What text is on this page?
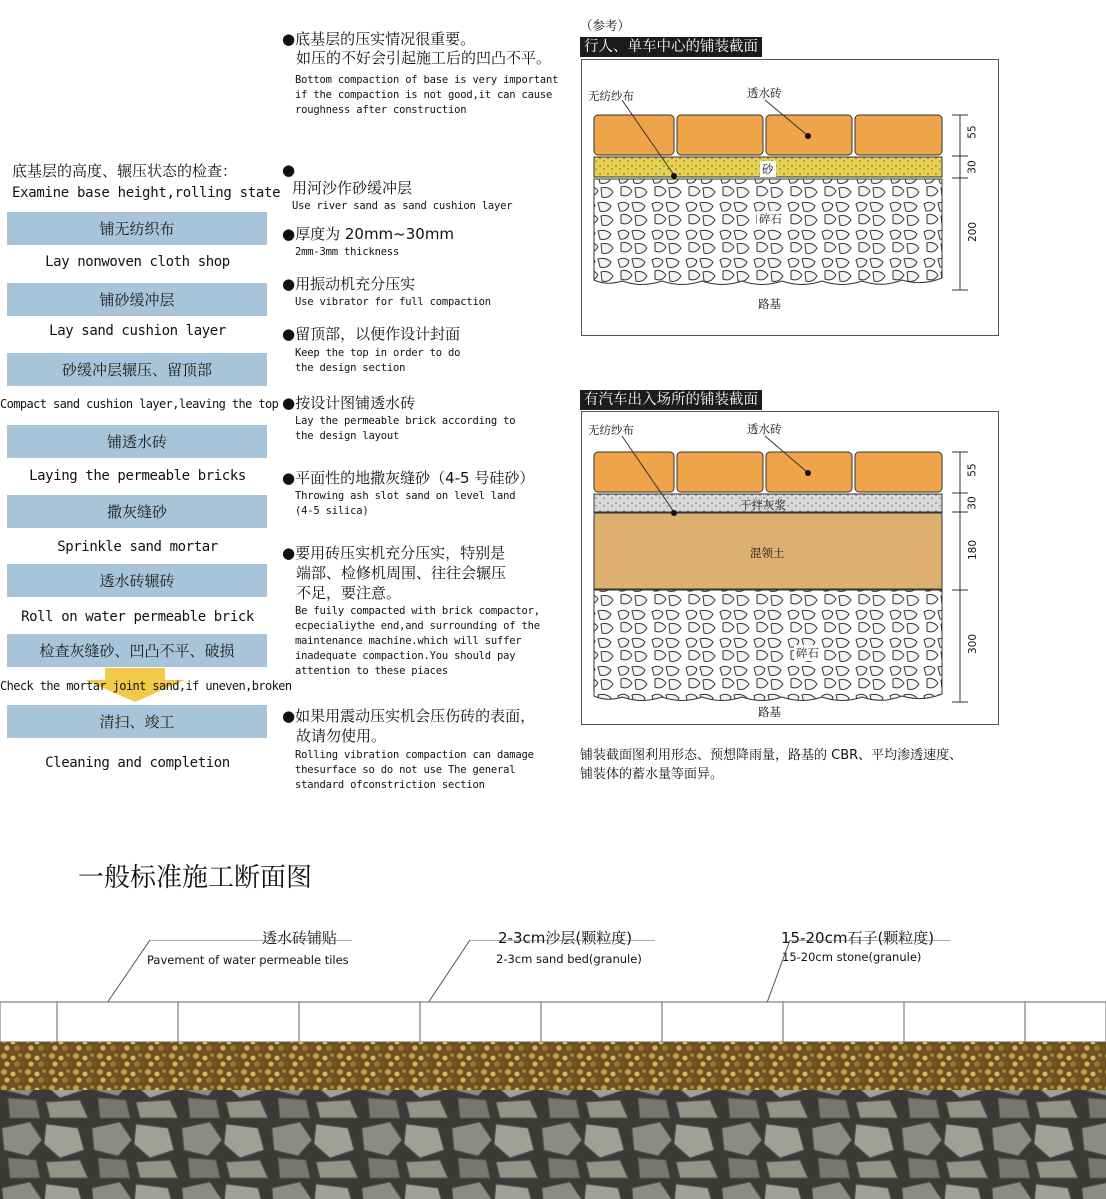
底基层的高度、辗压状态的检查：
Examine base height,rolling state
铺无纺织布
Lay nonwoven cloth shop
铺砂缓冲层
Lay sand cushion layer
砂缓冲层辗压、留顶部
Compact sand cushion layer,leaving the top
铺透水砖
Laying the permeable bricks
撒灰缝砂
Sprinkle sand mortar
透水砖辗砖
Roll on water permeable brick
检查灰缝砂、凹凸不平、破损
Check the mortar joint sand,if uneven,broken
清扫、竣工
Cleaning and completion
●底基层的压实情况很重要。
如压的不好会引起施工后的凹凸不平。
Bottom compaction of base is very important
if the compaction is not good,it can cause
roughness after construction
●
用河沙作砂缓冲层
Use river sand as sand cushion layer
●厚度为 20mm~30mm
2mm-3mm thickness
●用振动机充分压实
Use vibrator for full compaction
●留顶部，以便作设计封面
Keep the top in order to do
the design section
●按设计图铺透水砖
Lay the permeable brick according to
the design layout
●平面性的地撒灰缝砂（4-5 号硅砂）
Throwing ash slot sand on level land
(4-5 silica)
●要用砖压实机充分压实，特别是
端部、检修机周围、往往会辗压
不足，要注意。
Be fuily compacted with brick compactor,
ecpecialiythe end,and surrounding of the
maintenance machine.which will suffer
inadequate compaction.You should pay
attention to these piaces
●如果用震动压实机会压伤砖的表面，
故请勿使用。
Rolling vibration compaction can damage
thesurface so do not use The general
standard ofconstriction section
（参考）
行人、单车中心的铺装截面
无纺纱布	透水砖
砂
碎石
路基
55
30
200
有汽车出入场所的铺装截面
无纺纱布	透水砖
干拌灰浆
混领土
碎石
路基
55
30
180
300
铺装截面图利用形态、预想降雨量，路基的 CBR、平均渗透速度、
铺装体的蓄水量等面异。
一般标准施工断面图
透水砖铺贴
Pavement of water permeable tiles
2-3cm沙层(颗粒度)
2-3cm sand bed(granule)
15-20cm石子(颗粒度)
15-20cm stone(granule)
